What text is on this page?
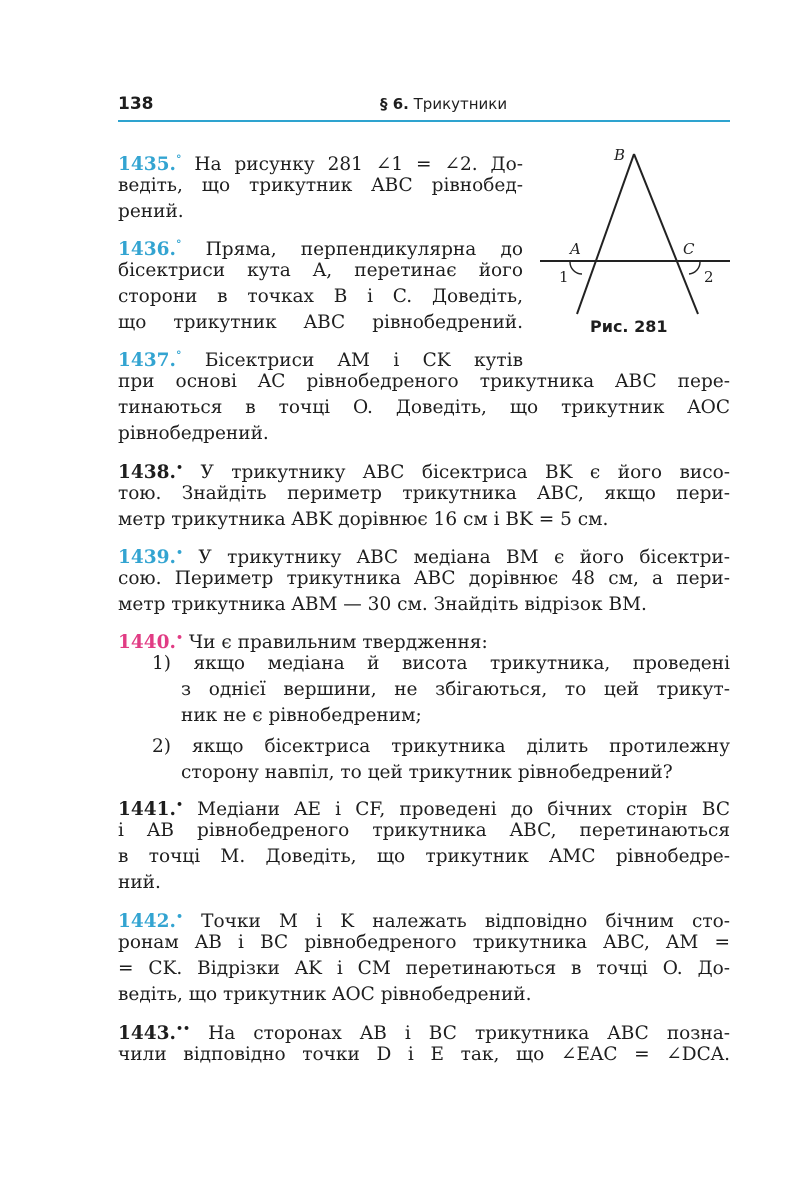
138	§ 6. Трикутники
B
A	C
1	2
Рис. 281
1435.° На рисунку 281 ∠1 = ∠2. До-
ведіть, що трикутник ABC рівнобед-
рений.
1436.° Пряма, перпендикулярна до
бісектриси кута A, перетинає його
сторони в точках B і C. Доведіть,
що трикутник ABC рівнобедрений.
1437.° Бісектриси AM і CK кутів
при основі AC рівнобедреного трикутника ABC пере-
тинаються в точці O. Доведіть, що трикутник AOC
рівнобедрений.
1438.• У трикутнику ABC бісектриса BK є його висо-
тою. Знайдіть периметр трикутника ABC, якщо пери-
метр трикутника ABK дорівнює 16 см і BK = 5 см.
1439.• У трикутнику ABC медіана BM є його бісектри-
сою. Периметр трикутника ABC дорівнює 48 см, а пери-
метр трикутника ABM — 30 см. Знайдіть відрізок BM.
1440.• Чи є правильним твердження:
1) якщо медіана й висота трикутника, проведені
з однієї вершини, не збігаються, то цей трикут-
ник не є рівнобедреним;
2) якщо бісектриса трикутника ділить протилежну
сторону навпіл, то цей трикутник рівнобедрений?
1441.• Медіани AE і CF, проведені до бічних сторін BC
і AB рівнобедреного трикутника ABC, перетинаються
в точці M. Доведіть, що трикутник AMC рівнобедре-
ний.
1442.• Точки M і K належать відповідно бічним сто-
ронам AB і BC рівнобедреного трикутника ABC, AM =
= CK. Відрізки AK і CM перетинаються в точці O. До-
ведіть, що трикутник AOC рівнобедрений.
1443.•• На сторонах AB і BC трикутника ABC позна-
чили відповідно точки D і E так, що ∠EAC = ∠DCA.
